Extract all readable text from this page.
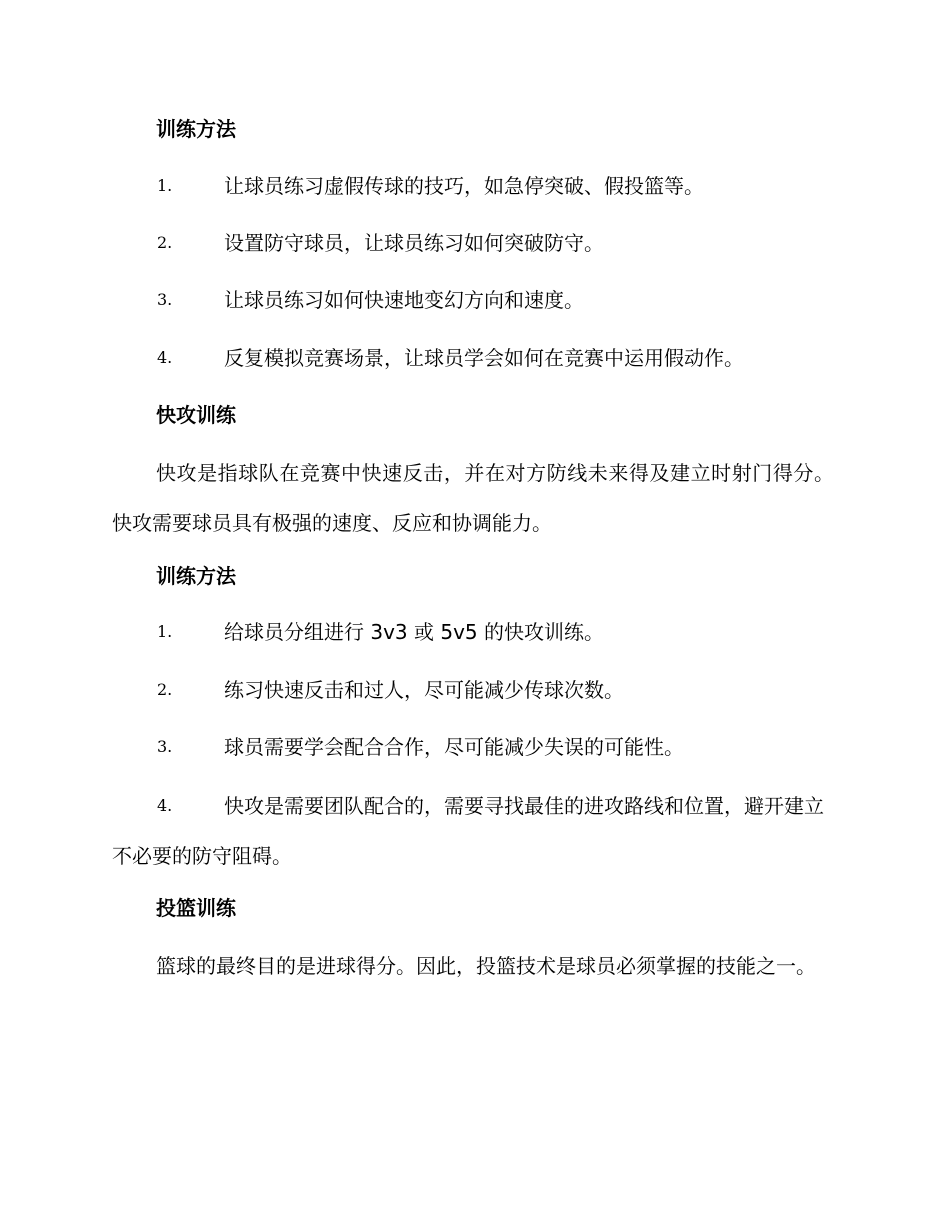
训练方法
1.	让球员练习虚假传球的技巧，如急停突破、假投篮等。
2.	设置防守球员，让球员练习如何突破防守。
3.	让球员练习如何快速地变幻方向和速度。
4.	反复模拟竞赛场景，让球员学会如何在竞赛中运用假动作。
快攻训练
快攻是指球队在竞赛中快速反击，并在对方防线未来得及建立时射门得分。快攻需要球员具有极强的速度、反应和协调能力。
训练方法
1.	给球员分组进行 3v3 或 5v5 的快攻训练。
2.	练习快速反击和过人，尽可能减少传球次数。
3.	球员需要学会配合合作，尽可能减少失误的可能性。
4.	快攻是需要团队配合的，需要寻找最佳的进攻路线和位置，避开建立不必要的防守阻碍。
投篮训练
篮球的最终目的是进球得分。因此，投篮技术是球员必须掌握的技能之一。
